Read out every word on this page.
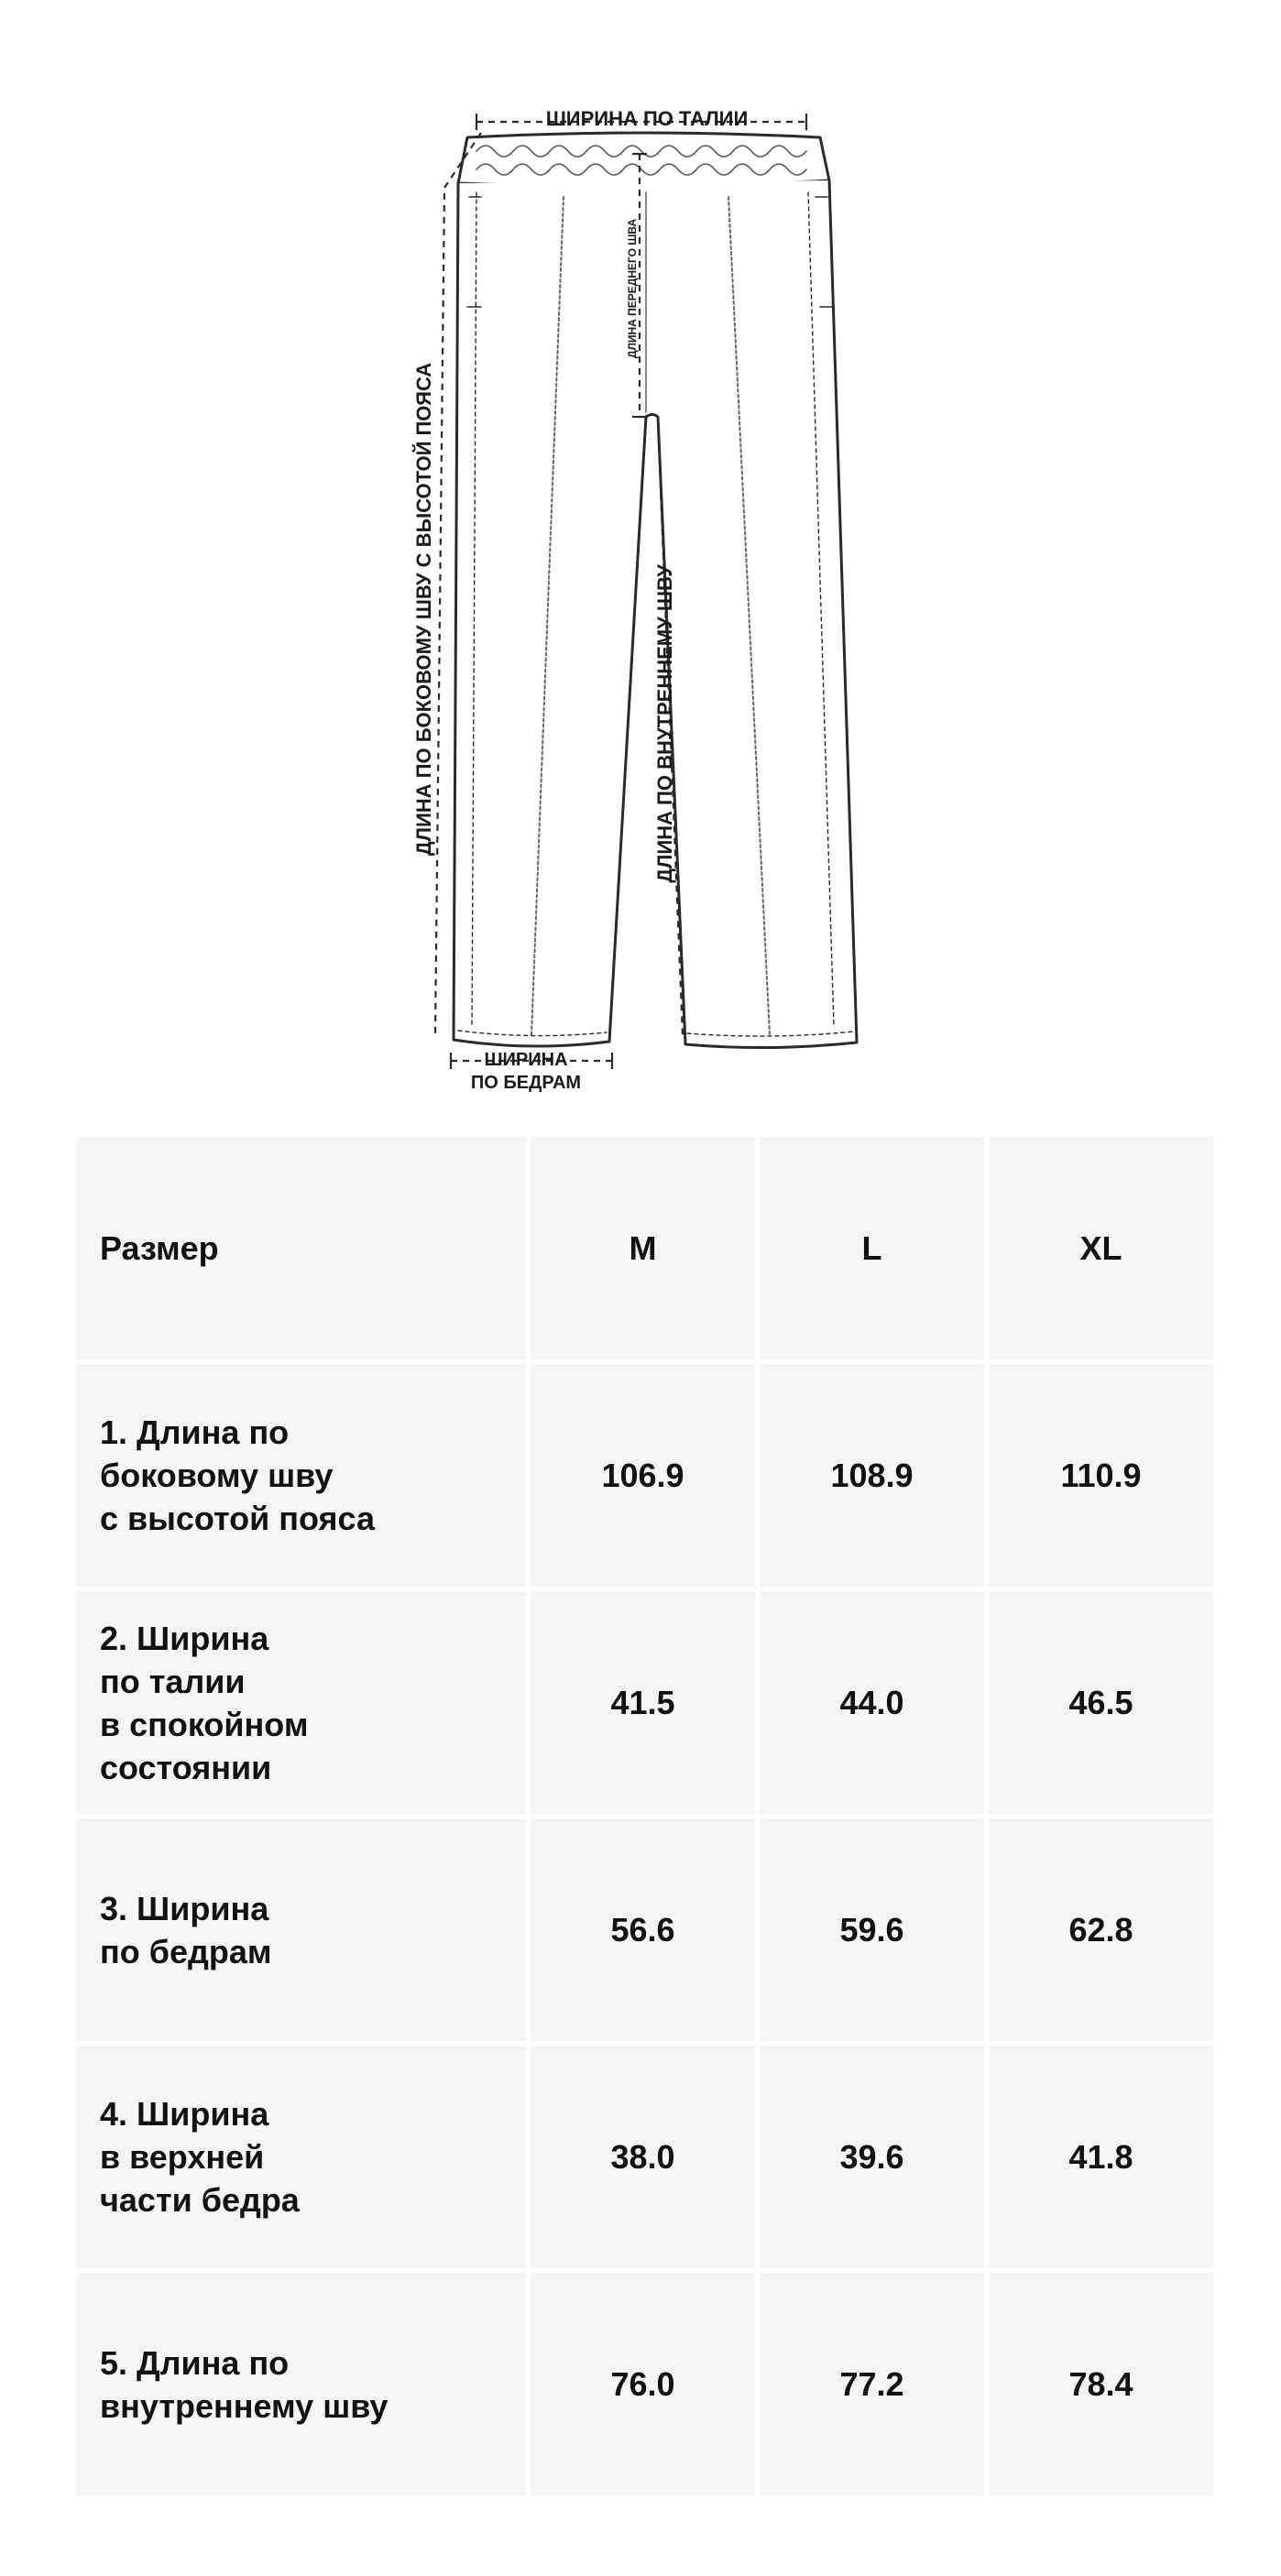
ШИРИНА ПО ТАЛИИ
ДЛИНА ПО БОКОВОМУ ШВУ С ВЫСОТОЙ ПОЯСА
ДЛИНА ПЕРЕДНЕГО ШВА
ДЛИНА ПО ВНУТРЕННЕМУ ШВУ
ШИРИНА
ПО БЕДРАМ
Размер	M	L	XL
1. Длина по
боковому шву
с высотой пояса
106.9	108.9	110.9
2. Ширина
по талии
в спокойном
состоянии
41.5	44.0	46.5
3. Ширина
по бедрам
56.6	59.6	62.8
4. Ширина
в верхней
части бедра
38.0	39.6	41.8
5. Длина по
внутреннему шву
76.0	77.2	78.4
